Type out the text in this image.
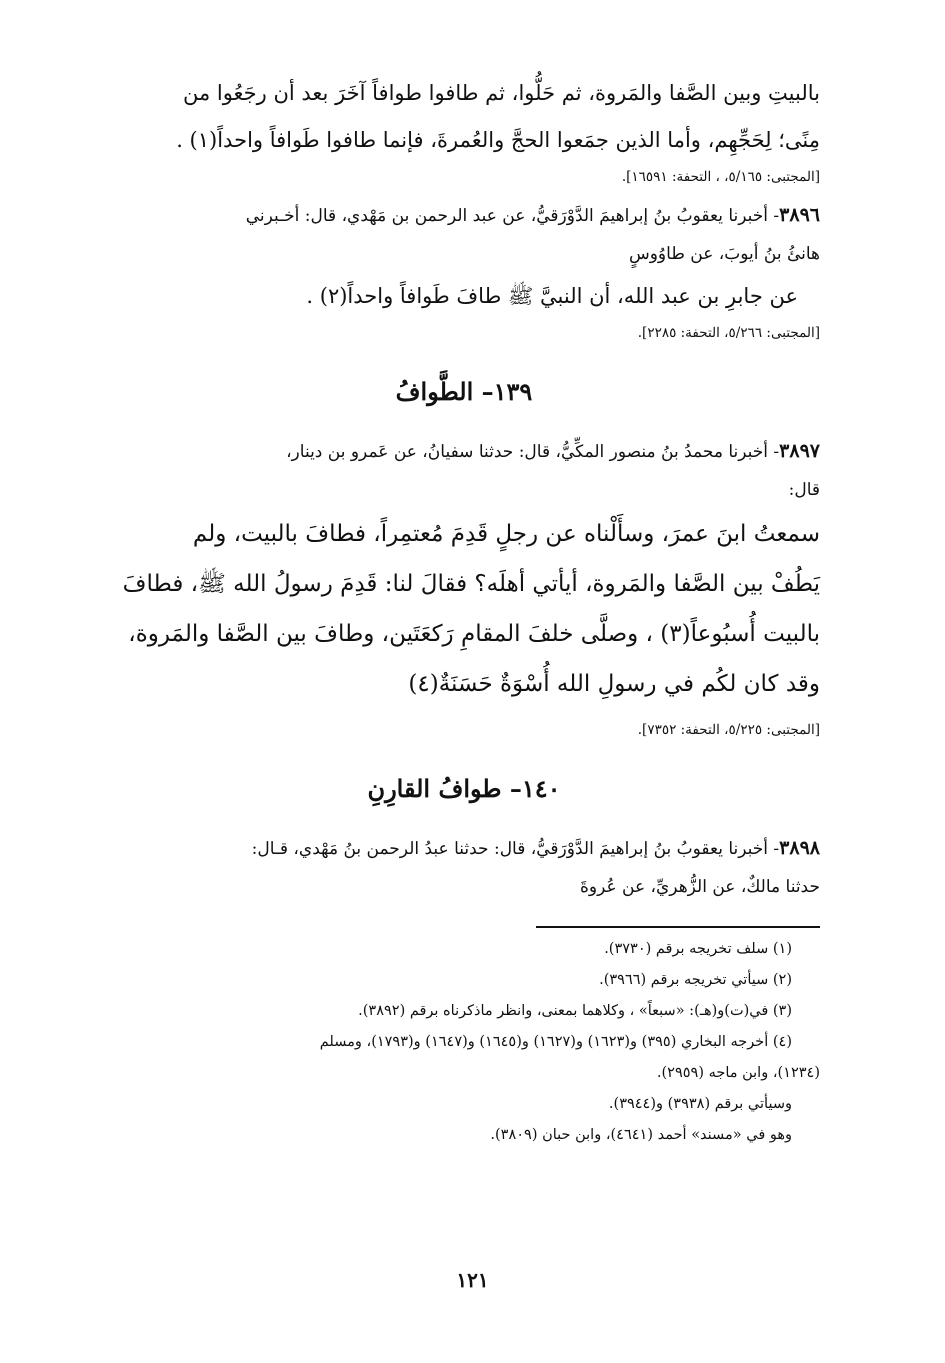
بالبيتِ وبين الصَّفا والمَروة، ثم حَلُّوا، ثم طافوا طوافاً آخَرَ بعد أن رجَعُوا من

مِنًى؛ لِحَجِّهِم، وأما الذين جمَعوا الحجَّ والعُمرةَ، فإنما طافوا طَوافاً واحداً(١) .

[المجتبى: ٥/١٦٥، ، التحفة: ١٦٥٩١].

٣٨٩٦- أخبرنا يعقوبُ بنُ إبراهيمَ الدَّوْرَقيُّ، عن عبد الرحمن بن مَهْدي، قال: أخـبرني

هانئُ بنُ أيوبَ، عن طاوُوسٍ

عن جابرِ بن عبد الله، أن النبيَّ ﷺ طافَ طَوافاً واحداً(٢) .

[المجتبى: ٥/٢٦٦، التحفة: ٢٢٨٥].

١٣٩– الطَّوافُ

٣٨٩٧- أخبرنا محمدُ بنُ منصور المكِّيُّ، قال: حدثنا سفيانُ، عن عَمرو بن دينار،

قال:

سمعتُ ابنَ عمرَ، وسأَلْناه عن رجلٍ قَدِمَ مُعتمِراً، فطافَ بالبيت، ولم

يَطُفْ بين الصَّفا والمَروة، أيأتي أهلَه؟ فقالَ لنا: قَدِمَ رسولُ الله ﷺ، فطافَ

بالبيت أُسبُوعاً(٣) ، وصلَّى خلفَ المقامِ رَكعَتَين، وطافَ بين الصَّفا والمَروة،

وقد كان لكُم في رسولِ الله أُسْوَةٌ حَسَنَةٌ(٤)

[المجتبى: ٥/٢٢٥، التحفة: ٧٣٥٢].

١٤٠– طوافُ القارِنِ

٣٨٩٨- أخبرنا يعقوبُ بنُ إبراهيمَ الدَّوْرَقيُّ، قال: حدثنا عبدُ الرحمن بنُ مَهْدي، قـال:

حدثنا مالكٌ، عن الزُّهريِّ، عن عُروةَ

(١) سلف تخريجه برقم (٣٧٣٠).

(٢) سيأتي تخريجه برقم (٣٩٦٦).

(٣) في(ت)و(هـ): «سبعاً» ، وكلاهما بمعنى، وانظر ماذكرناه برقم (٣٨٩٢).

(٤) أخرجه البخاري (٣٩٥) و(١٦٢٣) و(١٦٢٧) و(١٦٤٥) و(١٦٤٧) و(١٧٩٣)، ومسلم

(١٢٣٤)، وابن ماجه (٢٩٥٩).

وسيأتي برقم (٣٩٣٨) و(٣٩٤٤).

وهو في «مسند» أحمد (٤٦٤١)، وابن حبان (٣٨٠٩).

١٢١
